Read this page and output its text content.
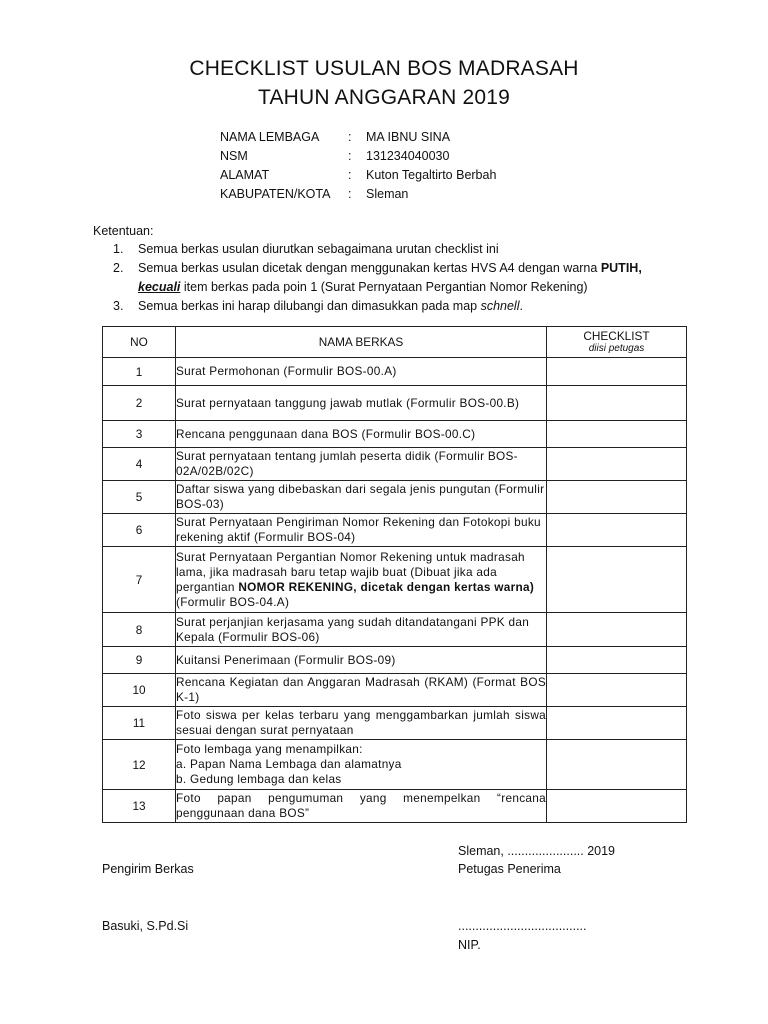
CHECKLIST USULAN BOS MADRASAH
TAHUN ANGGARAN 2019
NAMA LEMBAGA : MA IBNU SINA
NSM	: 131234040030
ALAMAT	: Kuton Tegaltirto Berbah
KABUPATEN/KOTA : Sleman
Ketentuan:
1. Semua berkas usulan diurutkan sebagaimana urutan checklist ini
2. Semua berkas usulan dicetak dengan menggunakan kertas HVS A4 dengan warna PUTIH,
kecuali item berkas pada poin 1 (Surat Pernyataan Pergantian Nomor Rekening)
3. Semua berkas ini harap dilubangi dan dimasukkan pada map schnell.
NO	NAMA BERKAS	CHECKLIST
diisi petugas

1	Surat Permohonan (Formulir BOS-00.A)	
2	Surat pernyataan tanggung jawab mutlak (Formulir BOS-00.B)	
3	Rencana penggunaan dana BOS (Formulir BOS-00.C)	
4	Surat pernyataan tentang jumlah peserta didik (Formulir BOS-02A/02B/02C)	
5	Daftar siswa yang dibebaskan dari segala jenis pungutan (Formulir BOS-03)	
6	Surat Pernyataan Pengiriman Nomor Rekening dan Fotokopi buku rekening aktif (Formulir BOS-04)	
7	Surat Pernyataan Pergantian Nomor Rekening untuk madrasah lama, jika madrasah baru tetap wajib buat (Dibuat jika ada pergantian NOMOR REKENING, dicetak dengan kertas warna) (Formulir BOS-04.A)	
8	Surat perjanjian kerjasama yang sudah ditandatangani PPK dan Kepala (Formulir BOS-06)	
9	Kuitansi Penerimaan (Formulir BOS-09)	
10	Rencana Kegiatan dan Anggaran Madrasah (RKAM) (Format BOS K-1)	
11	Foto siswa per kelas terbaru yang menggambarkan jumlah siswa sesuai dengan surat pernyataan	
12	Foto lembaga yang menampilkan:
a. Papan Nama Lembaga dan alamatnya
b. Gedung lembaga dan kelas	

13	Foto papan pengumuman yang menempelkan “rencana penggunaan dana BOS”	
Sleman, ...................... 2019
Pengirim Berkas	Petugas Penerima
Basuki, S.Pd.Si	.....................................
NIP.
